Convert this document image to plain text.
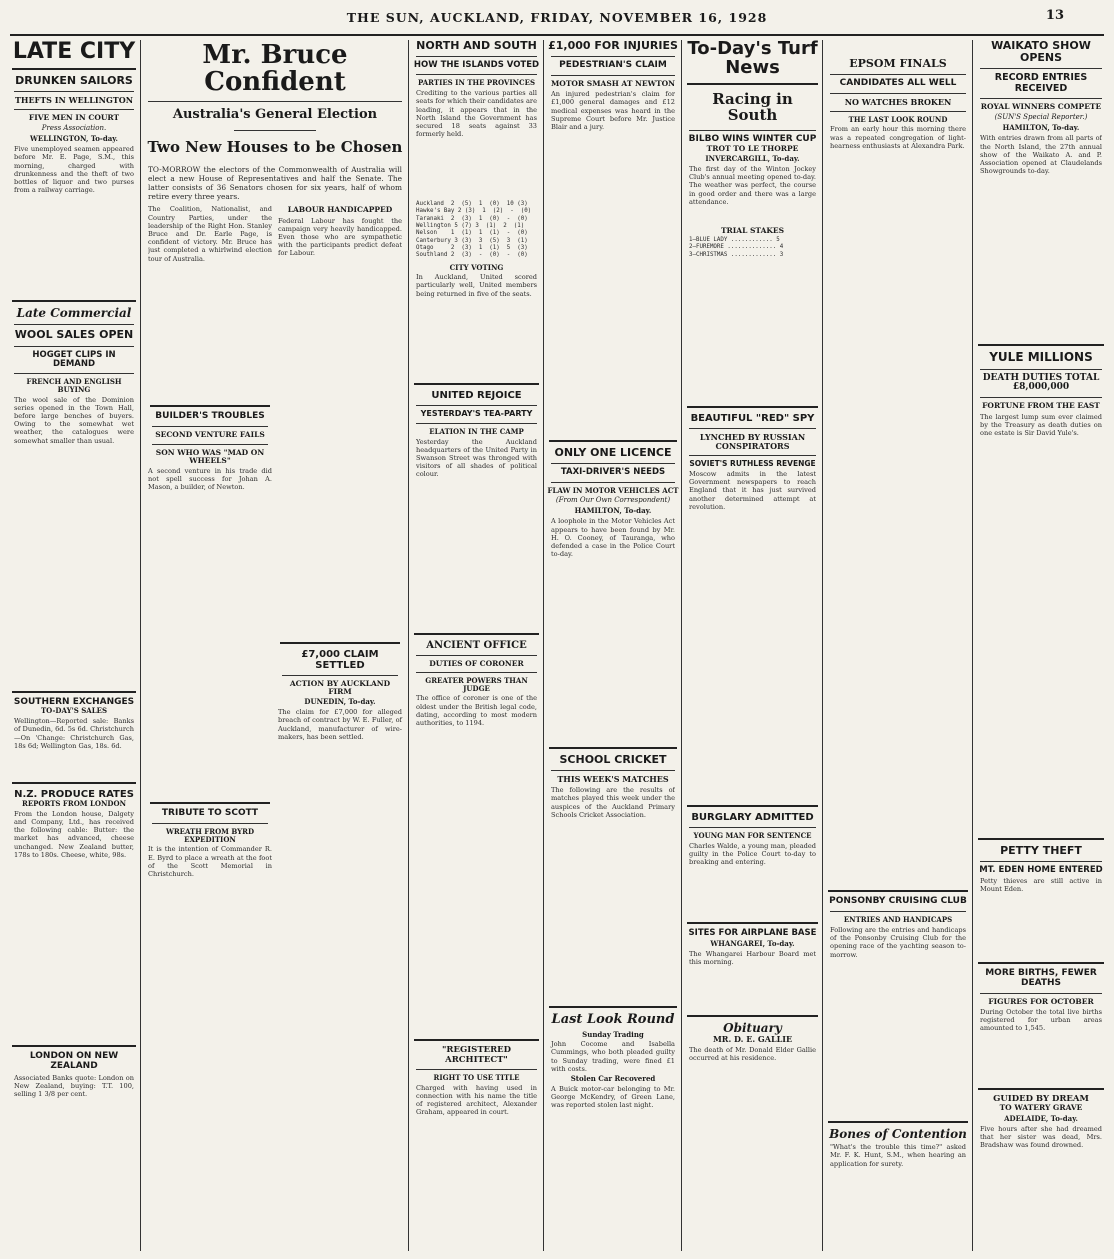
THE SUN, AUCKLAND, FRIDAY, NOVEMBER 16, 1928	13
LATE CITY
DRUNKEN SAILORS
THEFTS IN WELLINGTON
FIVE MEN IN COURT
Press Association.
WELLINGTON, To-day.

Five unemployed seamen appeared before Mr. E. Page, S.M., this morning, charged with drunkenness and the theft of two bottles of liquor and two purses from a railway carriage.

Late Commercial
WOOL SALES OPEN
HOGGET CLIPS IN DEMAND
FRENCH AND ENGLISH BUYING

The wool sale of the Dominion series opened in the Town Hall, before large benches of buyers. Owing to the somewhat wet weather, the catalogues were somewhat smaller than usual.

SOUTHERN EXCHANGES
TO-DAY'S SALES

Wellington—Reported sale: Banks of Dunedin, 6d. 5s 6d. Christchurch—On 'Change: Christchurch Gas, 18s 6d; Wellington Gas, 18s. 6d.

N.Z. PRODUCE RATES
REPORTS FROM LONDON

From the London house, Dalgety and Company, Ltd., has received the following cable: Butter: the market has advanced, cheese unchanged. New Zealand butter, 178s to 180s. Cheese, white, 98s.

LONDON ON NEW ZEALAND

Associated Banks quote: London on New Zealand, buying: T.T. 100, selling 1 3/8 per cent.

Mr. Bruce Confident
Australia's General Election
Two New Houses to be Chosen

TO-MORROW the electors of the Commonwealth of Australia will elect a new House of Representatives and half the Senate. The latter consists of 36 Senators chosen for six years, half of whom retire every three years.

The Coalition, Nationalist, and Country Parties, under the leadership of the Right Hon. Stanley Bruce and Dr. Earle Page, is confident of victory. Mr. Bruce has just completed a whirlwind election tour of Australia.

BUILDER'S TROUBLES
SECOND VENTURE FAILS
SON WHO WAS "MAD ON WHEELS"

A second venture in his trade did not spell success for Johan A. Mason, a builder, of Newton.

TRIBUTE TO SCOTT
WREATH FROM BYRD EXPEDITION

It is the intention of Commander R. E. Byrd to place a wreath at the foot of the Scott Memorial in Christchurch.

LABOUR HANDICAPPED

Federal Labour has fought the campaign very heavily handicapped. Even those who are sympathetic with the participants predict defeat for Labour.

£7,000 CLAIM SETTLED
ACTION BY AUCKLAND FIRM
DUNEDIN, To-day.

The claim for £7,000 for alleged breach of contract by W. E. Fuller, of Auckland, manufacturer of wire-makers, has been settled.

NORTH AND SOUTH
HOW THE ISLANDS VOTED
PARTIES IN THE PROVINCES

Crediting to the various parties all seats for which their candidates are leading, it appears that in the North Island the Government has secured 18 seats against 33 formerly held.

Auckland  2  (5)  1  (0)  10 (3)
Hawke's Bay 2 (3)  1  (2)  -  (0)
Taranaki  2  (3)  1  (0)  -  (0)
Wellington 5 (7) 3  (1)  2  (1)
Nelson    1  (1)  1  (1)  -  (0)
Canterbury 3 (3)  3  (5)  3  (1)
Otago     2  (3)  1  (1)  5  (3)
Southland 2  (3)  -  (0)  -  (0)
CITY VOTING

In Auckland, United scored particularly well, United members being returned in five of the seats.

UNITED REJOICE
YESTERDAY'S TEA-PARTY
ELATION IN THE CAMP

Yesterday the Auckland headquarters of the United Party in Swanson Street was thronged with visitors of all shades of political colour.

ANCIENT OFFICE
DUTIES OF CORONER
GREATER POWERS THAN JUDGE

The office of coroner is one of the oldest under the British legal code, dating, according to most modern authorities, to 1194.

"REGISTERED ARCHITECT"
RIGHT TO USE TITLE

Charged with having used in connection with his name the title of registered architect, Alexander Graham, appeared in court.

£1,000 FOR INJURIES
PEDESTRIAN'S CLAIM
MOTOR SMASH AT NEWTON

An injured pedestrian's claim for £1,000 general damages and £12 medical expenses was heard in the Supreme Court before Mr. Justice Blair and a jury.

ONLY ONE LICENCE
TAXI-DRIVER'S NEEDS
FLAW IN MOTOR VEHICLES ACT
(From Our Own Correspondent)
HAMILTON, To-day.

A loophole in the Motor Vehicles Act appears to have been found by Mr. H. O. Cooney, of Tauranga, who defended a case in the Police Court to-day.

SCHOOL CRICKET
THIS WEEK'S MATCHES

The following are the results of matches played this week under the auspices of the Auckland Primary Schools Cricket Association.

Last Look Round
Sunday Trading

John Cocome and Isabella Cummings, who both pleaded guilty to Sunday trading, were fined £1 with costs.

Stolen Car Recovered

A Buick motor-car belonging to Mr. George McKendry, of Green Lane, was reported stolen last night.

To-Day's Turf News
Racing in South
BILBO WINS WINTER CUP
TROT TO LE THORPE
INVERCARGILL, To-day.

The first day of the Winton Jockey Club's annual meeting opened to-day. The weather was perfect, the course in good order and there was a large attendance.

TRIAL STAKES
1—BLUE LADY ............ 5
2—FUREMORE .............. 4
3—CHRISTMAS ............. 3
BEAUTIFUL "RED" SPY
LYNCHED BY RUSSIAN CONSPIRATORS
SOVIET'S RUTHLESS REVENGE

Moscow admits in the latest Government newspapers to reach England that it has just survived another determined attempt at revolution.

BURGLARY ADMITTED
YOUNG MAN FOR SENTENCE

Charles Walde, a young man, pleaded guilty in the Police Court to-day to breaking and entering.

SITES FOR AIRPLANE BASE
WHANGAREI, To-day.

The Whangarei Harbour Board met this morning.

Obituary
MR. D. E. GALLIE

The death of Mr. Donald Elder Gallie occurred at his residence.

EPSOM FINALS
CANDIDATES ALL WELL
NO WATCHES BROKEN
THE LAST LOOK ROUND

From an early hour this morning there was a repeated congregation of light-hearness enthusiasts at Alexandra Park.

PONSONBY CRUISING CLUB
ENTRIES AND HANDICAPS

Following are the entries and handicaps of the Ponsonby Cruising Club for the opening race of the yachting season to-morrow.

Bones of Contention

"What's the trouble this time?" asked Mr. F. K. Hunt, S.M., when hearing an application for surety.

WAIKATO SHOW OPENS
RECORD ENTRIES RECEIVED
ROYAL WINNERS COMPETE
(SUN'S Special Reporter.)
HAMILTON, To-day.

With entries drawn from all parts of the North Island, the 27th annual show of the Waikato A. and P. Association opened at Claudelands Showgrounds to-day.

YULE MILLIONS
DEATH DUTIES TOTAL £8,000,000
FORTUNE FROM THE EAST

The largest lump sum ever claimed by the Treasury as death duties on one estate is Sir David Yule's.

PETTY THEFT
MT. EDEN HOME ENTERED

Petty thieves are still active in Mount Eden.

MORE BIRTHS, FEWER DEATHS
FIGURES FOR OCTOBER

During October the total live births registered for urban areas amounted to 1,545.

GUIDED BY DREAM
TO WATERY GRAVE
ADELAIDE, To-day.

Five hours after she had dreamed that her sister was dead, Mrs. Bradshaw was found drowned.
